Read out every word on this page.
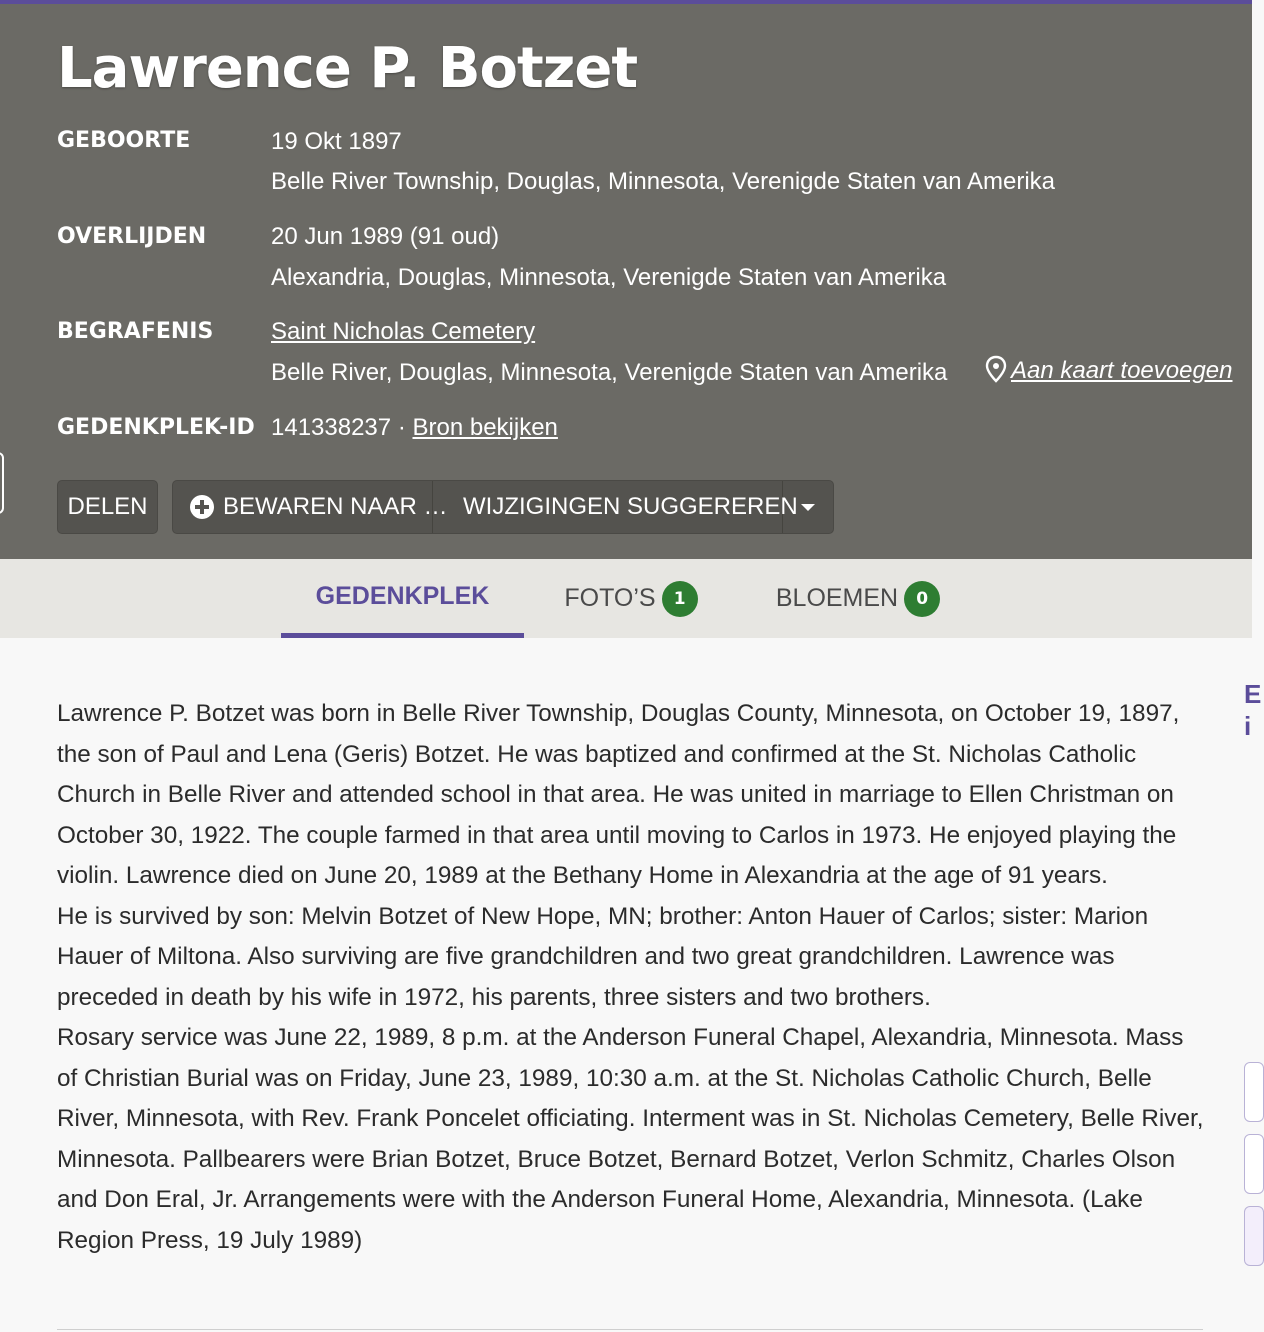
Lawrence P. Botzet
GEBOORTE	19 Okt 1897
Belle River Township, Douglas, Minnesota, Verenigde Staten van Amerika
OVERLIJDEN	20 Jun 1989 (91 oud)
Alexandria, Douglas, Minnesota, Verenigde Staten van Amerika
BEGRAFENIS Saint Nicholas Cemetery
Belle River, Douglas, Minnesota, Verenigde Staten van Amerika	Aan kaart toevoegen
GEDENKPLEK-ID 141338237 · Bron bekijken
DELEN	BEWAREN NAAR … WIJZIGINGEN SUGGEREREN
GEDENKPLEK	FOTO’S	1	BLOEMEN	0

Lawrence P. Botzet was born in Belle River Township, Douglas County, Minnesota, on October 19, 1897, the son of Paul and Lena (Geris) Botzet. He was baptized and confirmed at the St. Nicholas Catholic Church in Belle River and attended school in that area. He was united in marriage to Ellen Christman on October 30, 1922. The couple farmed in that area until moving to Carlos in 1973. He enjoyed playing the violin. Lawrence died on June 20, 1989 at the Bethany Home in Alexandria at the age of 91 years.

He is survived by son: Melvin Botzet of New Hope, MN; brother: Anton Hauer of Carlos; sister: Marion Hauer of Miltona. Also surviving are five grandchildren and two great grandchildren. Lawrence was preceded in death by his wife in 1972, his parents, three sisters and two brothers.

Rosary service was June 22, 1989, 8 p.m. at the Anderson Funeral Chapel, Alexandria, Minnesota. Mass of Christian Burial was on Friday, June 23, 1989, 10:30 a.m. at the St. Nicholas Catholic Church, Belle River, Minnesota, with Rev. Frank Poncelet officiating. Interment was in St. Nicholas Cemetery, Belle River, Minnesota. Pallbearers were Brian Botzet, Bruce Botzet, Bernard Botzet, Verlon Schmitz, Charles Olson and Don Eral, Jr. Arrangements were with the Anderson Funeral Home, Alexandria, Minnesota. (Lake Region Press, 19 July 1989)

E i
